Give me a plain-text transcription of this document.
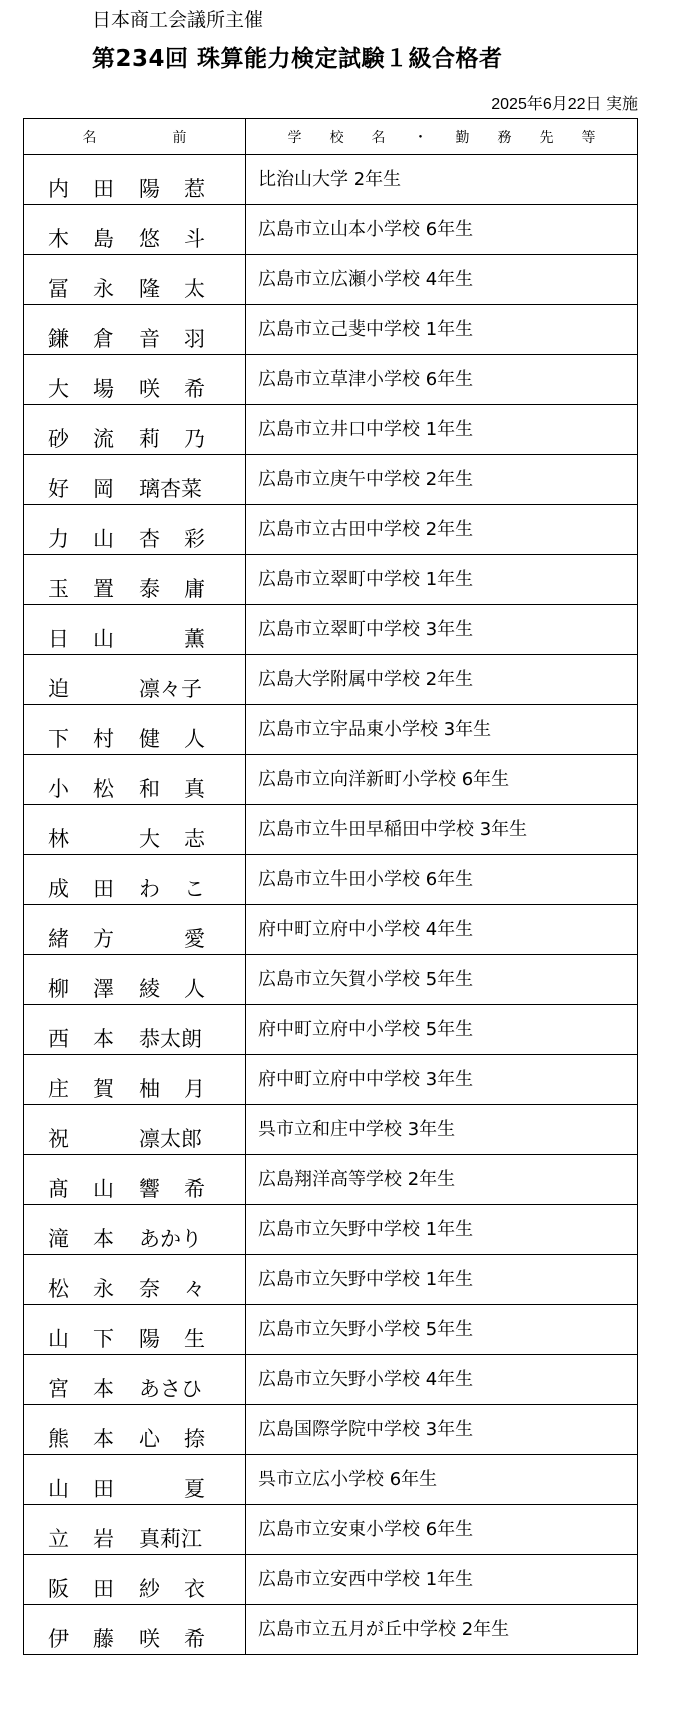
日本商工会議所主催
第234回 珠算能力検定試験１級合格者
2025年6月22日 実施
名 前	学 校 名 ・ 勤 務 先 等

内 田 陽 惹	比治山大学 2年生

木 島 悠 斗	広島市立山本小学校 6年生

冨 永 隆 太	広島市立広瀬小学校 4年生

鎌 倉 音 羽	広島市立己斐中学校 1年生

大 場 咲 希	広島市立草津小学校 6年生

砂 流 莉 乃	広島市立井口中学校 1年生

好 岡 璃杏菜	広島市立庚午中学校 2年生

力 山 杏 彩	広島市立古田中学校 2年生

玉 置 泰 庸	広島市立翠町中学校 1年生

日 山 薫	広島市立翠町中学校 3年生

迫 凛々子	広島大学附属中学校 2年生

下 村 健 人	広島市立宇品東小学校 3年生

小 松 和 真	広島市立向洋新町小学校 6年生

林 大 志	広島市立牛田早稲田中学校 3年生

成 田 わ こ	広島市立牛田小学校 6年生

緒 方 愛	府中町立府中小学校 4年生

柳 澤 綾 人	広島市立矢賀小学校 5年生

西 本 恭太朗	府中町立府中小学校 5年生

庄 賀 柚 月	府中町立府中中学校 3年生

祝 凛太郎	呉市立和庄中学校 3年生

髙 山 響 希	広島翔洋高等学校 2年生

滝 本 あかり	広島市立矢野中学校 1年生

松 永 奈 々	広島市立矢野中学校 1年生

山 下 陽 生	広島市立矢野小学校 5年生

宮 本 あさひ	広島市立矢野小学校 4年生

熊 本 心 捺	広島国際学院中学校 3年生

山 田 夏	呉市立広小学校 6年生

立 岩 真莉江	広島市立安東小学校 6年生

阪 田 紗 衣	広島市立安西中学校 1年生

伊 藤 咲 希	広島市立五月が丘中学校 2年生
